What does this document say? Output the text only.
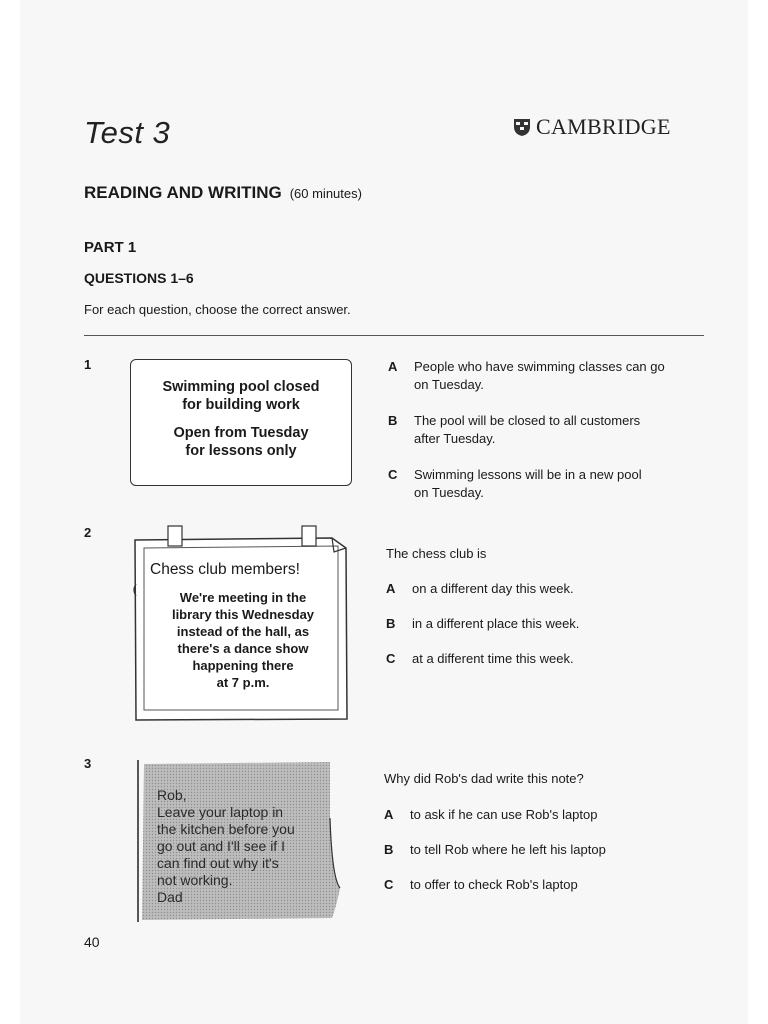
Test 3	CAMBRIDGE
READING AND WRITING (60 minutes)
PART 1
QUESTIONS 1–6
For each question, choose the correct answer.
1

Swimming pool closed
for building work

Open from Tuesday
for lessons only

A	People who have swimming classes can go
on Tuesday.
B	The pool will be closed to all customers
after Tuesday.
C	Swimming lessons will be in a new pool
on Tuesday.
2
Chess club members!
We're meeting in the
library this Wednesday
instead of the hall, as
there's a dance show
happening there
at 7 p.m.
The chess club is
A	on a different day this week.
B	in a different place this week.
C	at a different time this week.
3
Rob,
Leave your laptop in
the kitchen before you
go out and I'll see if I
can find out why it's
not working.
Dad
Why did Rob's dad write this note?
A	to ask if he can use Rob's laptop
B	to tell Rob where he left his laptop
C	to offer to check Rob's laptop
40
